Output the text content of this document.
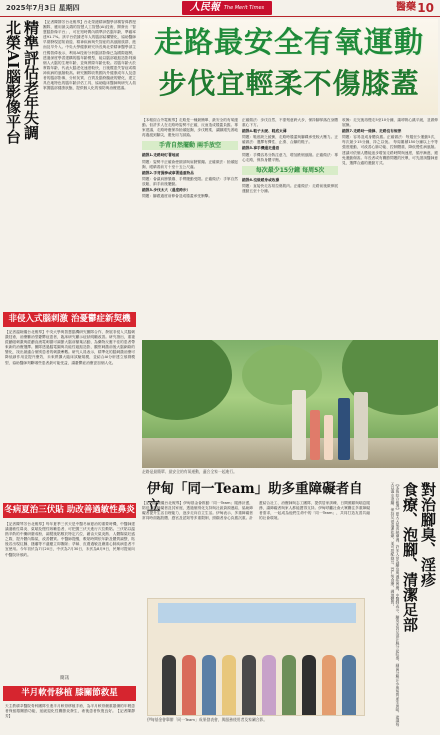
2025年7月3日 星期四	人民報 The Merit Times	醫藥 10
北榮AI腦影像平台 精準評估老年失調 【記者陳靜芳台北報導】台北榮總精神醫學部楊智偉教授團隊，應用最尖端的智慧人工智慧(AI)技術，開發出「智慧腦影像平台」，可在短時間內精準評估腦年齡，準確率達91.7%。該平台依據老年人的腦部結構變化，協助醫師早期發現認知衰退、精神疾病與失智症的高風險族群，進而及早介入。中央大學健康研究所長與北榮精神醫學部主任楊智偉表示，利用AI技術分析腦部影像已為國際趨勢，透過深度學習建構的腦年齡模型，能以腦部磁振造影判讀個人大腦的生理年齡，並與實際年齡比較。若腦年齡大於實際年齡，代表大腦老化速度較快，日後罹患失智症或精神疾病的風險較高。研究團隊收集國內外健康成年人及患者的腦部影像，分析灰質、白質及腦脊髓液的變化，建立具在地特色的腦年齡評估工具，協助臨床醫師與研究人員掌握腦部健康狀態，提供個人化的預防與治療建議。
非侵入式腦刺激 治憂鬱症新契機
【記者溫婉儀台北報導】中央大學與智慧腦機研究團隊合作，發展非侵入式腦刺激技術，治療難治型憂鬱症患者，臨床研究顯示症狀明顯改善。研究指出，重複經顱磁刺激與經顱直流電刺激可調節大腦前額葉活動，為藥物反應不佳的患者帶來新的治療選擇。團隊透過腦電圖與功能性磁振造影，觀察刺激前後大腦網絡的變化，找出最適合個別患者的刺激參數。研究人員表示，精準化的腦刺激治療可降低副作用並提升療效，未來將擴大臨床試驗規模，並結合AI分析建立預測模型，協助醫師判斷哪些患者最可能受益，讓憂鬱症治療更加個人化。
冬病夏治三伏貼 助改善過敏性鼻炎
【記者陳琴芳台北報導】每年夏季三伏天是中醫冬病夏治的重要時機，中醫師建議過敏性鼻炎、氣喘及慢性咳嗽患者，可把握三伏天進行穴位敷貼。三伏貼以溫熱辛散的中藥研磨成粉，調製後貼敷於特定穴位，藉由天氣炎熱、人體陽氣旺盛之際，提升體內陽氣，改善體質。中醫師提醒，敷貼時間依年齡及體質調整，貼後若出現紅腫、搔癢等不適應立即撕除；孕婦、皮膚過敏及嚴重心肺疾病患者不宜使用。今年初伏為7月20日，中伏為7月30日，末伏為8月9日，民眾可提前向中醫院所預約。
簡訊
半月軟骨移植 膝關節救星
天主教耕莘醫院骨科團隊引進半月軟骨移植手術，為半月軟骨嚴重損傷的年輕患者保留膝關節功能，延緩退化性關節炎發生，術後患者恢復良好。【記者陳靜芳】
走路最安全有氧運動
步伐宜輕柔不傷膝蓋
【本報綜合外電報導】走路是一種最簡單、最安全的有氧運動。但許多人在走路時姿勢不正確，反而造成膝蓋負擔。專家建議，走路時應保持抬頭挺胸，步伐輕柔，讓腳跟先著地再過渡到腳尖，避免用力踩踏。
手背自然擺動 兩手放空
錯誤1.走路時盯著地面
問題：姿勢不正確會使頸部與肩膀緊繃。正確做法：抬頭挺胸，眼睛看前方十至十五公尺處。
錯誤2.手背握拳或拿著過重物品
問題：會讓肩膀緊繃、手臂擺動受限。正確做法：手掌自然放鬆，兩手前後擺動。
錯誤3.步伐太大（過度跨步）
問題：腳跟過度前伸會造成膝蓋承受衝擊。
正確做法：步伐自然，不需刻意跨大步，保持腳掌落在身體重心下方。
錯誤4.鞋子太硬、鞋底太薄
問題：鞋底缺乏緩衝，走路時膝蓋與腳踝承受較大壓力。正確做法：選擇有彈性、止滑、合腳的鞋子。
錯誤5.拿手機邊走邊看
問題：手機容易分散注意力，增加跌倒風險。正確做法：專心走路，保持身體平衡。
每次最少15分鐘 每周5次
錯誤6.沒做暖身或收操
問題：直接快走容易拉傷肌肉。正確做法：走路前後做伸展運動五至十分鐘。
收操：走完後再慢走5至10分鐘，讓呼吸心跳平緩，並做伸展操。
錯誤7.走路時一條線、走路沒有規律
問題：容易造成身體負擔。正確做法：每週至少運動5次，每次最少15分鐘，持之以恆。 每周累積150分鐘以上中等強度運動，可改善心肺功能、控制體重，降低慢性病風險。建議可依個人體能逐步增加走路時間與速度，循序漸進，避免運動傷害。年長者或有關節問題的民眾，可先諮詢醫師意見，選擇合適的運動方式。
走路是最簡單、最安全的有氧運動，適合全家一起進行。
伊甸「同一Team」助多重障礙者自立
【記者溫婉儀台北報導】伊甸基金會推動「同一Team」服務計畫，陪伴多重障礙者及其家庭，透過個別化支持與社區資源連結，協助障礙者提升生活自理能力，逐步走向自立生活。伊甸表示，多重障礙者常同時面臨肢體、感官及認知等多重限制，照顧者身心負擔沉重。計畫結合社工、治療師與志工團隊，提供居家訓練、日間照顧與喘息服務，讓障礙者與家人都能獲得支持。伊甸呼籲社會大眾關注多重障礙者需求，一起成為他們生命中的「同一Team」，共同打造友善共融的社會環境。
伊甸基金會舉辦「同一Team」成果發表會，與服務使用者及家屬合影。	【本報綜合報導】夏天天氣炎熱潮濕，許多人常為腳臭與濕疹困擾。中醫師表示，腳臭多因足部汗腺分泌旺盛，細菌分解汗水與角質產生異味，建議每天以溫水泡腳，保持足部清潔乾燥，並可搭配綠豆、薏仁等食療，調理體質。 食療、泡腳、清潔足部 對治腳臭、淫疹
